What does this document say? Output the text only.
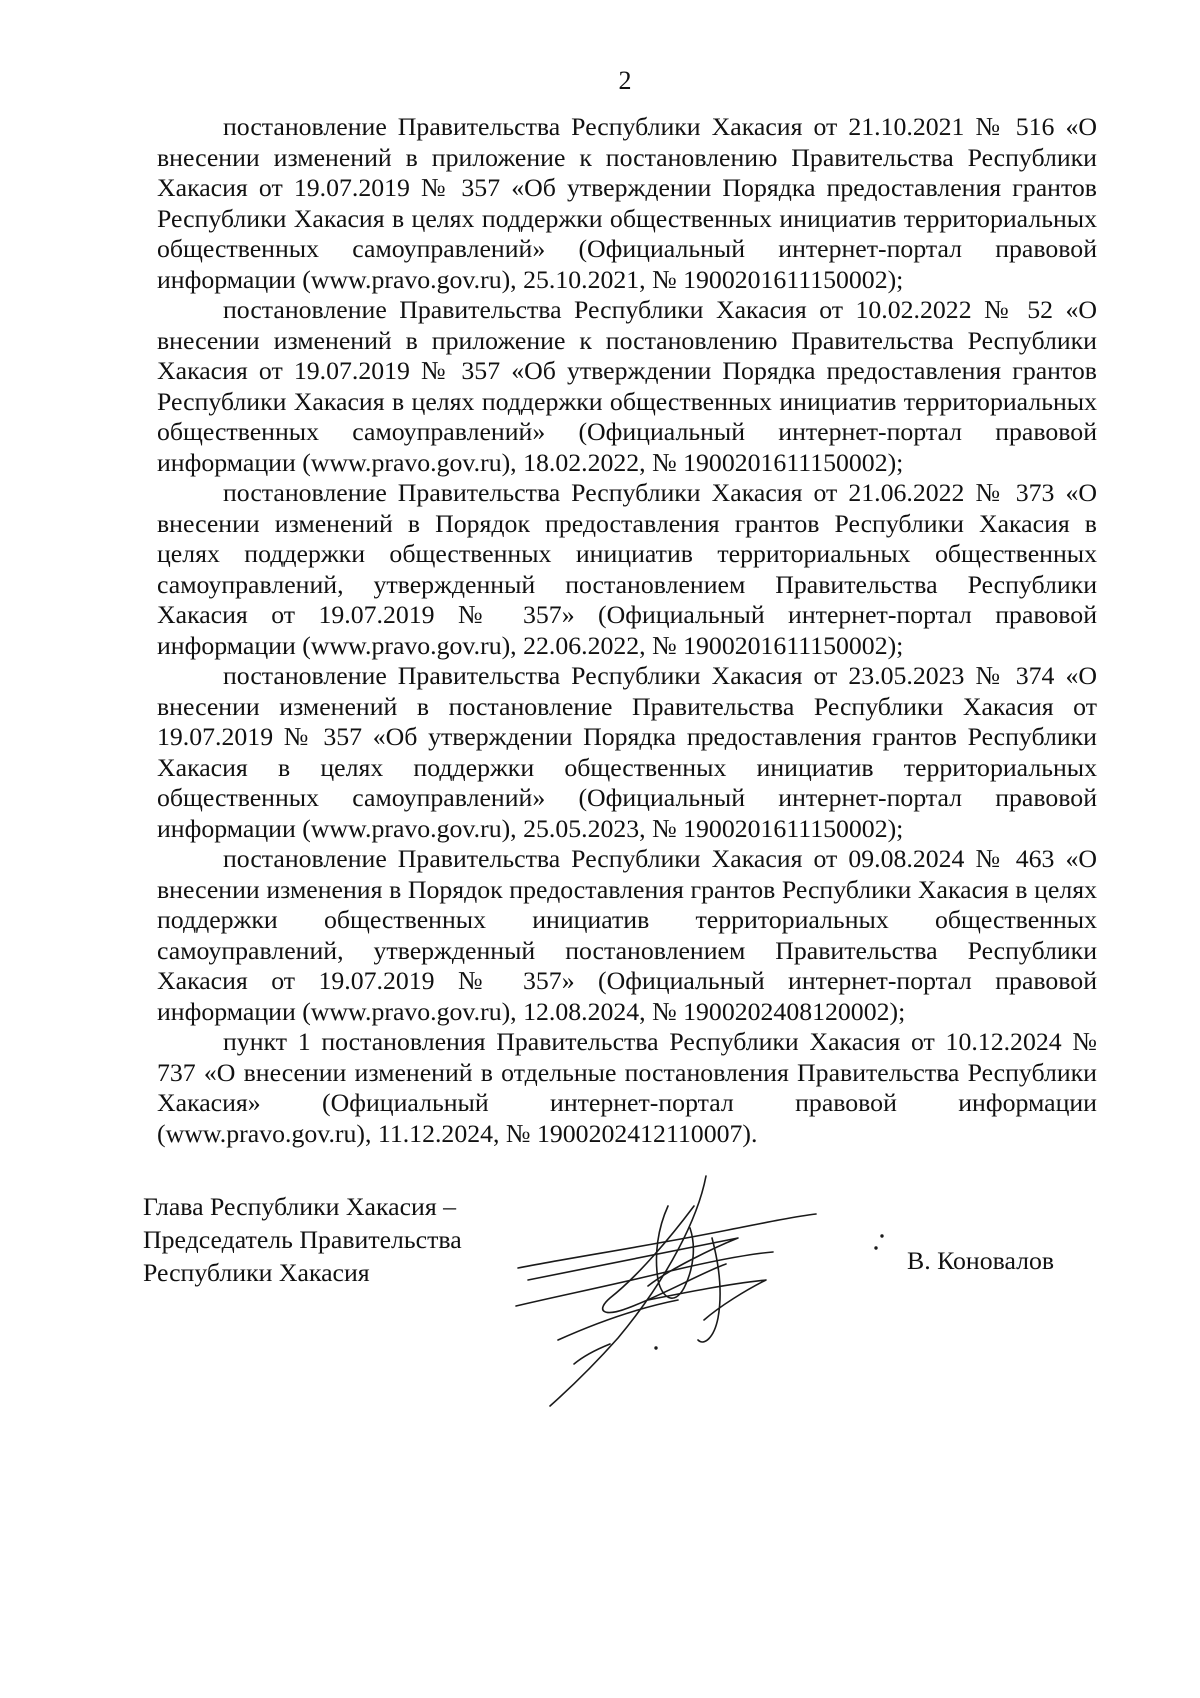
2

постановление Правительства Республики Хакасия от 21.10.2021 № 516 «О внесении изменений в приложение к постановлению Правительства Республики Хакасия от 19.07.2019 № 357 «Об утверждении Порядка предоставления грантов Республики Хакасия в целях поддержки общественных инициатив территориальных общественных самоуправлений» (Официальный интернет-портал правовой информации (www.pravo.gov.ru), 25.10.2021, № 1900201611150002);

постановление Правительства Республики Хакасия от 10.02.2022 № 52 «О внесении изменений в приложение к постановлению Правительства Республики Хакасия от 19.07.2019 № 357 «Об утверждении Порядка предоставления грантов Республики Хакасия в целях поддержки общественных инициатив территориальных общественных самоуправлений» (Официальный интернет-портал правовой информации (www.pravo.gov.ru), 18.02.2022, № 1900201611150002);

постановление Правительства Республики Хакасия от 21.06.2022 № 373 «О внесении изменений в Порядок предоставления грантов Республики Хакасия в целях поддержки общественных инициатив территориальных общественных самоуправлений, утвержденный постановлением Правительства Республики Хакасия от 19.07.2019 № 357» (Официальный интернет-портал правовой информации (www.pravo.gov.ru), 22.06.2022, № 1900201611150002);

постановление Правительства Республики Хакасия от 23.05.2023 № 374 «О внесении изменений в постановление Правительства Республики Хакасия от 19.07.2019 № 357 «Об утверждении Порядка предоставления грантов Республики Хакасия в целях поддержки общественных инициатив территориальных общественных самоуправлений» (Официальный интернет-портал правовой информации (www.pravo.gov.ru), 25.05.2023, № 1900201611150002);

постановление Правительства Республики Хакасия от 09.08.2024 № 463 «О внесении изменения в Порядок предоставления грантов Республики Хакасия в целях поддержки общественных инициатив территориальных общественных самоуправлений, утвержденный постановлением Правительства Республики Хакасия от 19.07.2019 № 357» (Официальный интернет-портал правовой информации (www.pravo.gov.ru), 12.08.2024, № 1900202408120002);

пункт 1 постановления Правительства Республики Хакасия от 10.12.2024 № 737 «О внесении изменений в отдельные постановления Правительства Республики Хакасия» (Официальный интернет-портал правовой информации (www.pravo.gov.ru), 11.12.2024, № 1900202412110007).

Глава Республики Хакасия –
Председатель Правительства
Республики Хакасия	В. Коновалов
